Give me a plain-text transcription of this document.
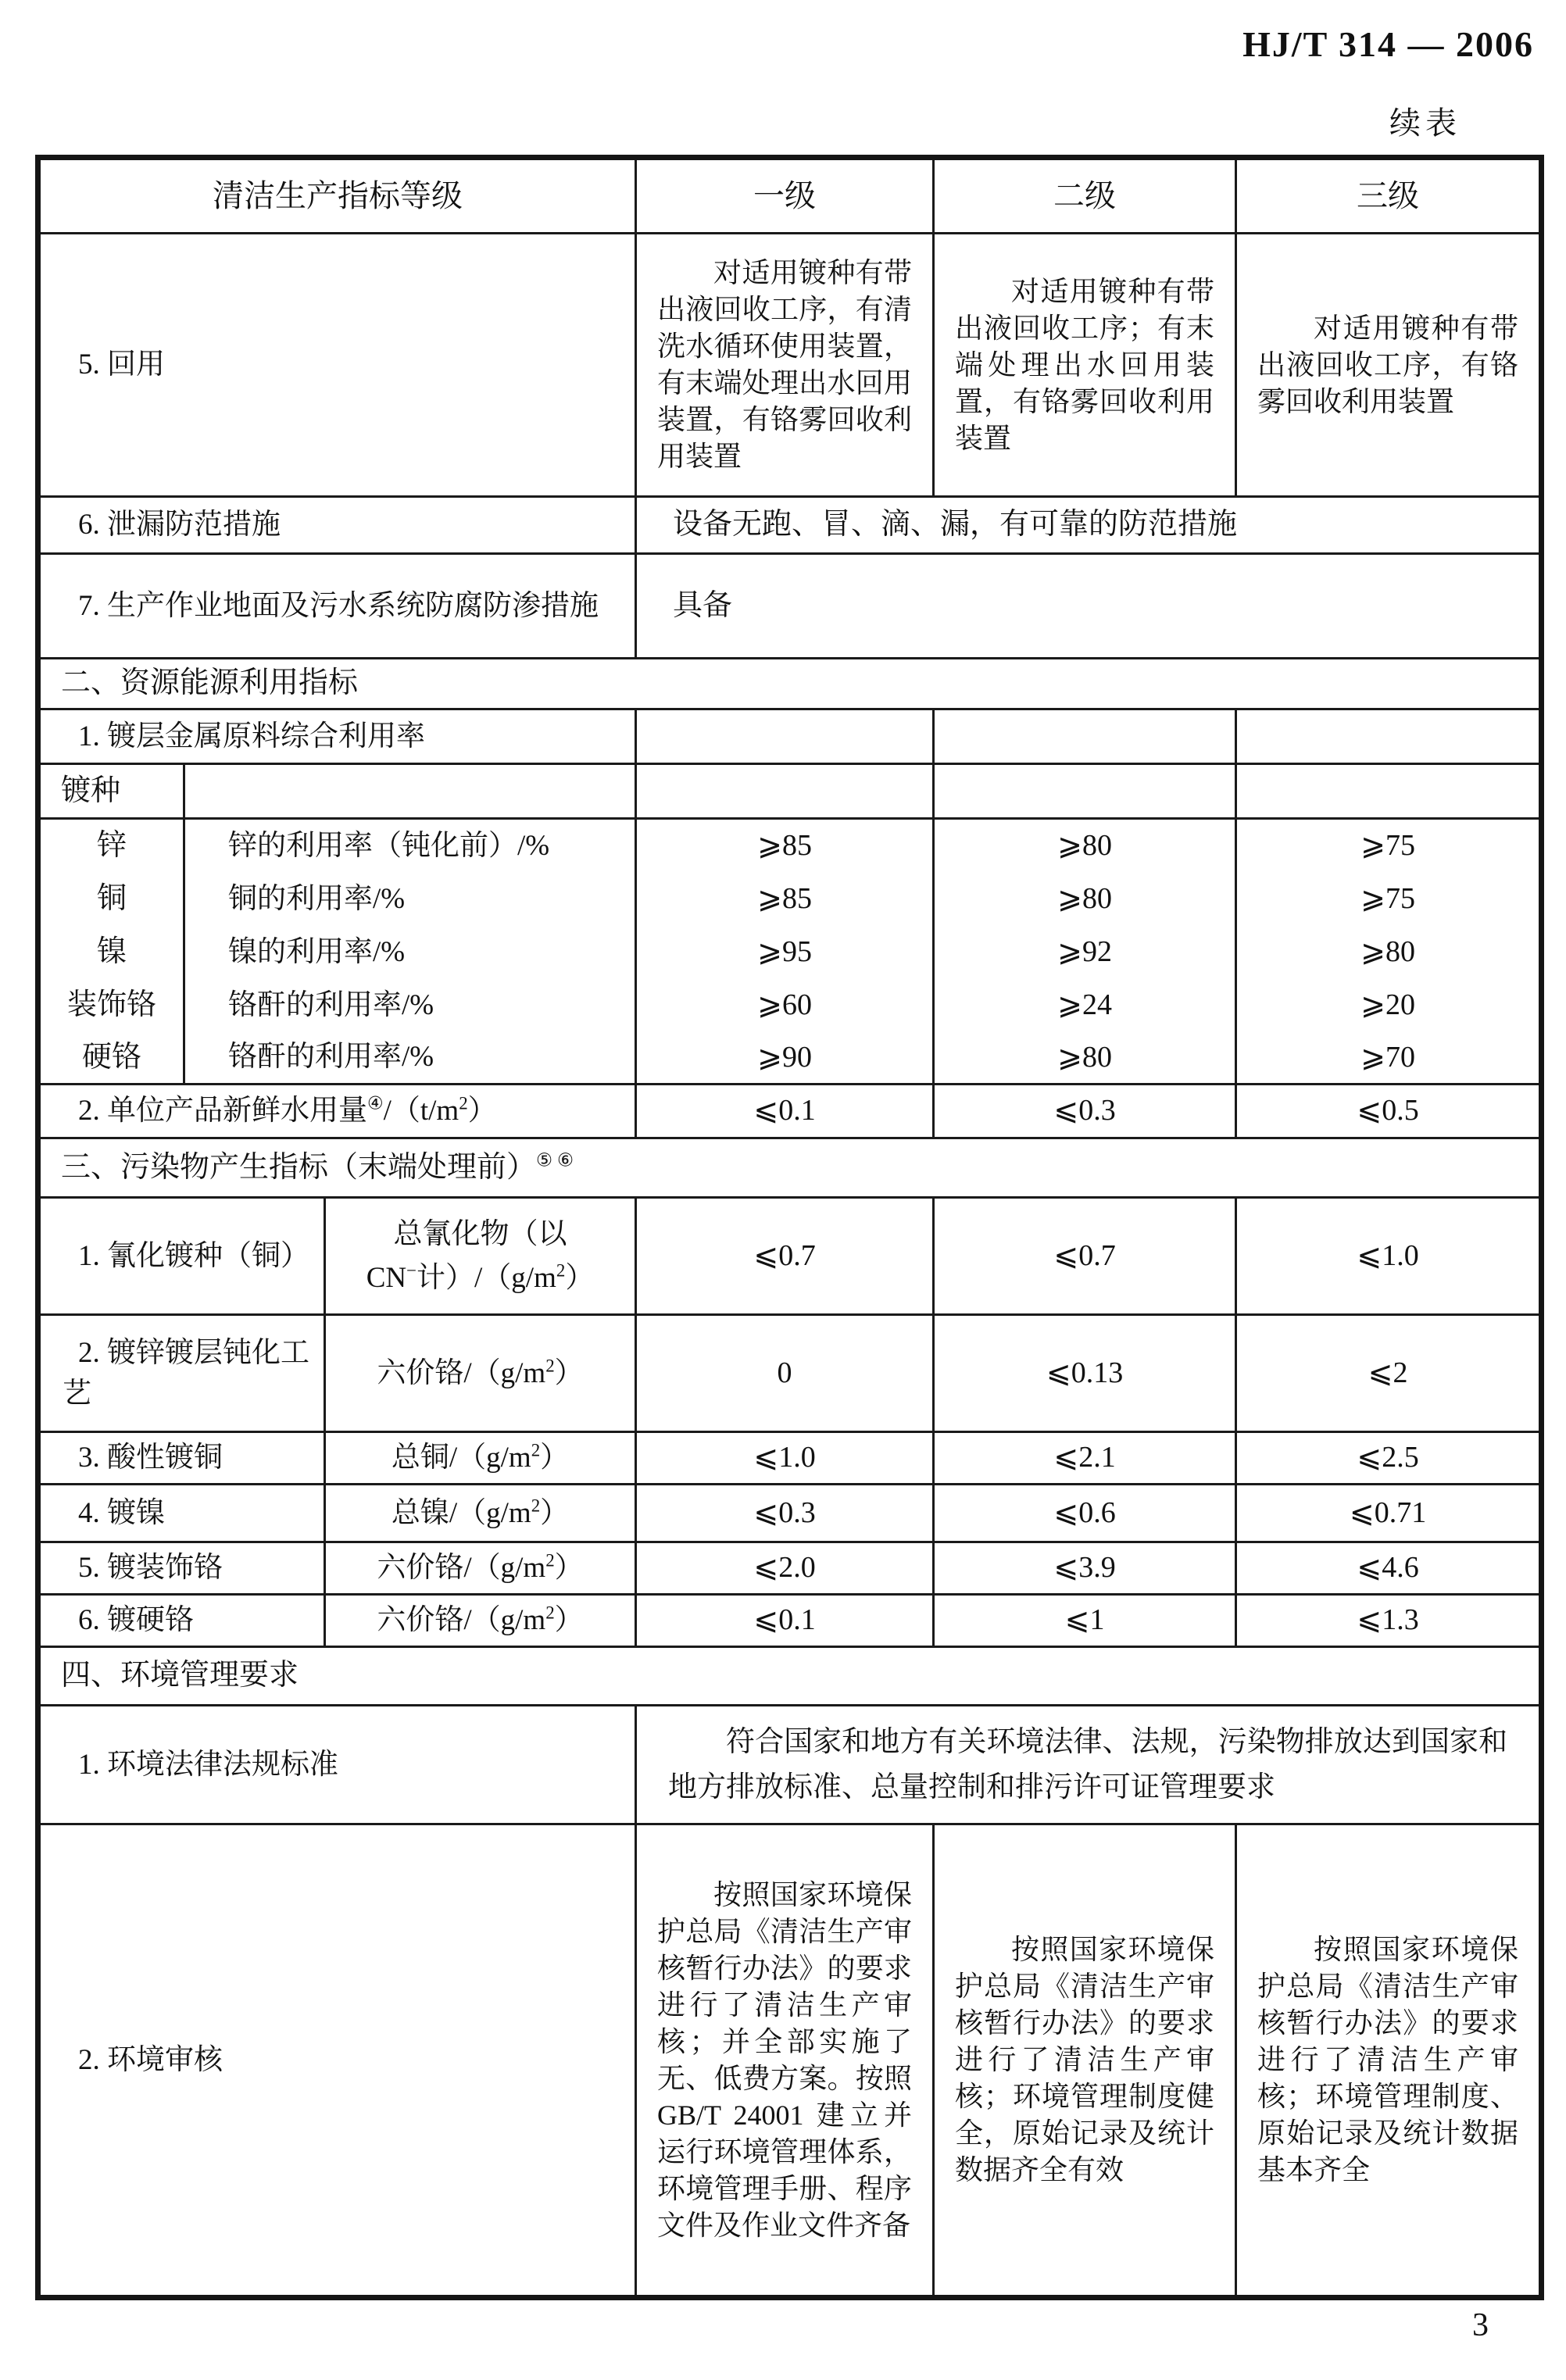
HJ/T 314 — 2006
续表
清洁生产指标等级			一级	二级	三级
5. 回用			对适用镀种有带出液回收工序，有清洗水循环使用装置，有末端处理出水回用装置，有铬雾回收利用装置	对适用镀种有带出液回收工序；有末端处理出水回用装置，有铬雾回收利用装置	对适用镀种有带出液回收工序，有铬雾回收利用装置
6. 泄漏防范措施			设备无跑、冒、滴、漏，有可靠的防范措施		
7. 生产作业地面及污水系统防腐防渗措施			具备		
二、资源能源利用指标					
1. 镀层金属原料综合利用率					
镀种					
锌	锌的利用率（钝化前）/%		⩾85	⩾80	⩾75
铜	铜的利用率/%		⩾85	⩾80	⩾75
镍	镍的利用率/%		⩾95	⩾92	⩾80
装饰铬	铬酐的利用率/%		⩾60	⩾24	⩾20
硬铬	铬酐的利用率/%		⩾90	⩾80	⩾70
2. 单位产品新鲜水用量$^④/(t/m^2)$			⩽0.1	⩽0.3	⩽0.5
三、污染物产生指标（末端处理前）⑤ ⑥
1. 氰化镀种（铜）		总氰化物（以CN−计）$/(g/m^2)$	⩽0.7	⩽0.7	⩽1.0
2. 镀锌镀层钝化工艺		六价铬$/(g/m^2)$	0	⩽0.13	⩽2
3. 酸性镀铜		总铜$/(g/m^2)$	⩽1.0	⩽2.1	⩽2.5
4. 镀镍		总镍$/(g/m^2)$	⩽0.3	⩽0.6	⩽0.71
5. 镀装饰铬		六价铬$/(g/m^2)$	⩽2.0	⩽3.9	⩽4.6
6. 镀硬铬		六价铬$/(g/m^2)$	⩽0.1	⩽1	⩽1.3
四、环境管理要求					
1. 环境法律法规标准			符合国家和地方有关环境法律、法规，污染物排放达到国家和地方排放标准、总量控制和排污许可证管理要求		
2. 环境审核			按照国家环境保护总局《清洁生产审核暂行办法》的要求进行了清洁生产审核；并全部实施了无、低费方案。按照 GB/T 24001 建立并运行环境管理体系，环境管理手册、程序文件及作业文件齐备	按照国家环境保护总局《清洁生产审核暂行办法》的要求进行了清洁生产审核；环境管理制度健全，原始记录及统计数据齐全有效	按照国家环境保护总局《清洁生产审核暂行办法》的要求进行了清洁生产审核；环境管理制度、原始记录及统计数据基本齐全
3
